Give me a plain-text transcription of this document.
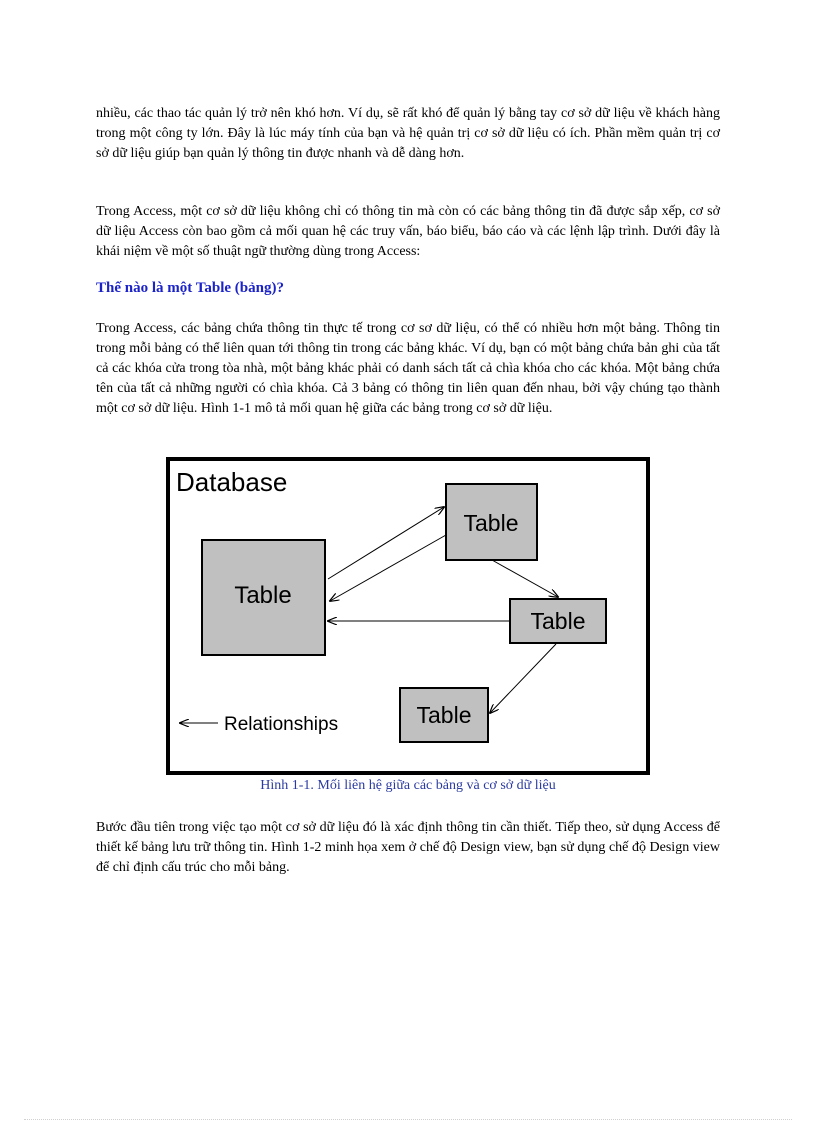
nhiều, các thao tác quản lý trở nên khó hơn. Ví dụ, sẽ rất khó để quản lý bằng tay cơ sở dữ liệu về khách hàng trong một công ty lớn. Đây là lúc máy tính của bạn và hệ quản trị cơ sở dữ liệu có ích. Phần mềm quản trị cơ sở dữ liệu giúp bạn quản lý thông tin được nhanh và dễ dàng hơn.

Trong Access, một cơ sở dữ liệu không chỉ có thông tin mà còn có các bảng thông tin đã được sắp xếp, cơ sở dữ liệu Access còn bao gồm cả mối quan hệ các truy vấn, báo biểu, báo cáo và các lệnh lập trình. Dưới đây là khái niệm về một số thuật ngữ thường dùng trong Access:

Thế nào là một Table (bảng)?

Trong Access, các bảng chứa thông tin thực tế trong cơ sơ dữ liệu, có thể có nhiều hơn một bảng. Thông tin trong mỗi bảng có thể liên quan tới thông tin trong các bảng khác. Ví dụ, bạn có một bảng chứa bản ghi của tất cả các khóa cửa trong tòa nhà, một bảng khác phải có danh sách tất cả chìa khóa cho các khóa. Một bảng chứa tên của tất cả những người có chìa khóa. Cả 3 bảng có thông tin liên quan đến nhau, bởi vậy chúng tạo thành một cơ sở dữ liệu. Hình 1-1 mô tả mối quan hệ giữa các bảng trong cơ sở dữ liệu.

Database
Table
Table
Table
Table
Relationships
Hình 1-1. Mối liên hệ giữa các bảng và cơ sở dữ liệu

Bước đầu tiên trong việc tạo một cơ sở dữ liệu đó là xác định thông tin cần thiết. Tiếp theo, sử dụng Access để thiết kế bảng lưu trữ thông tin. Hình 1-2 minh họa xem ở chế độ Design view, bạn sử dụng chế độ Design view để chỉ định cấu trúc cho mỗi bảng.
